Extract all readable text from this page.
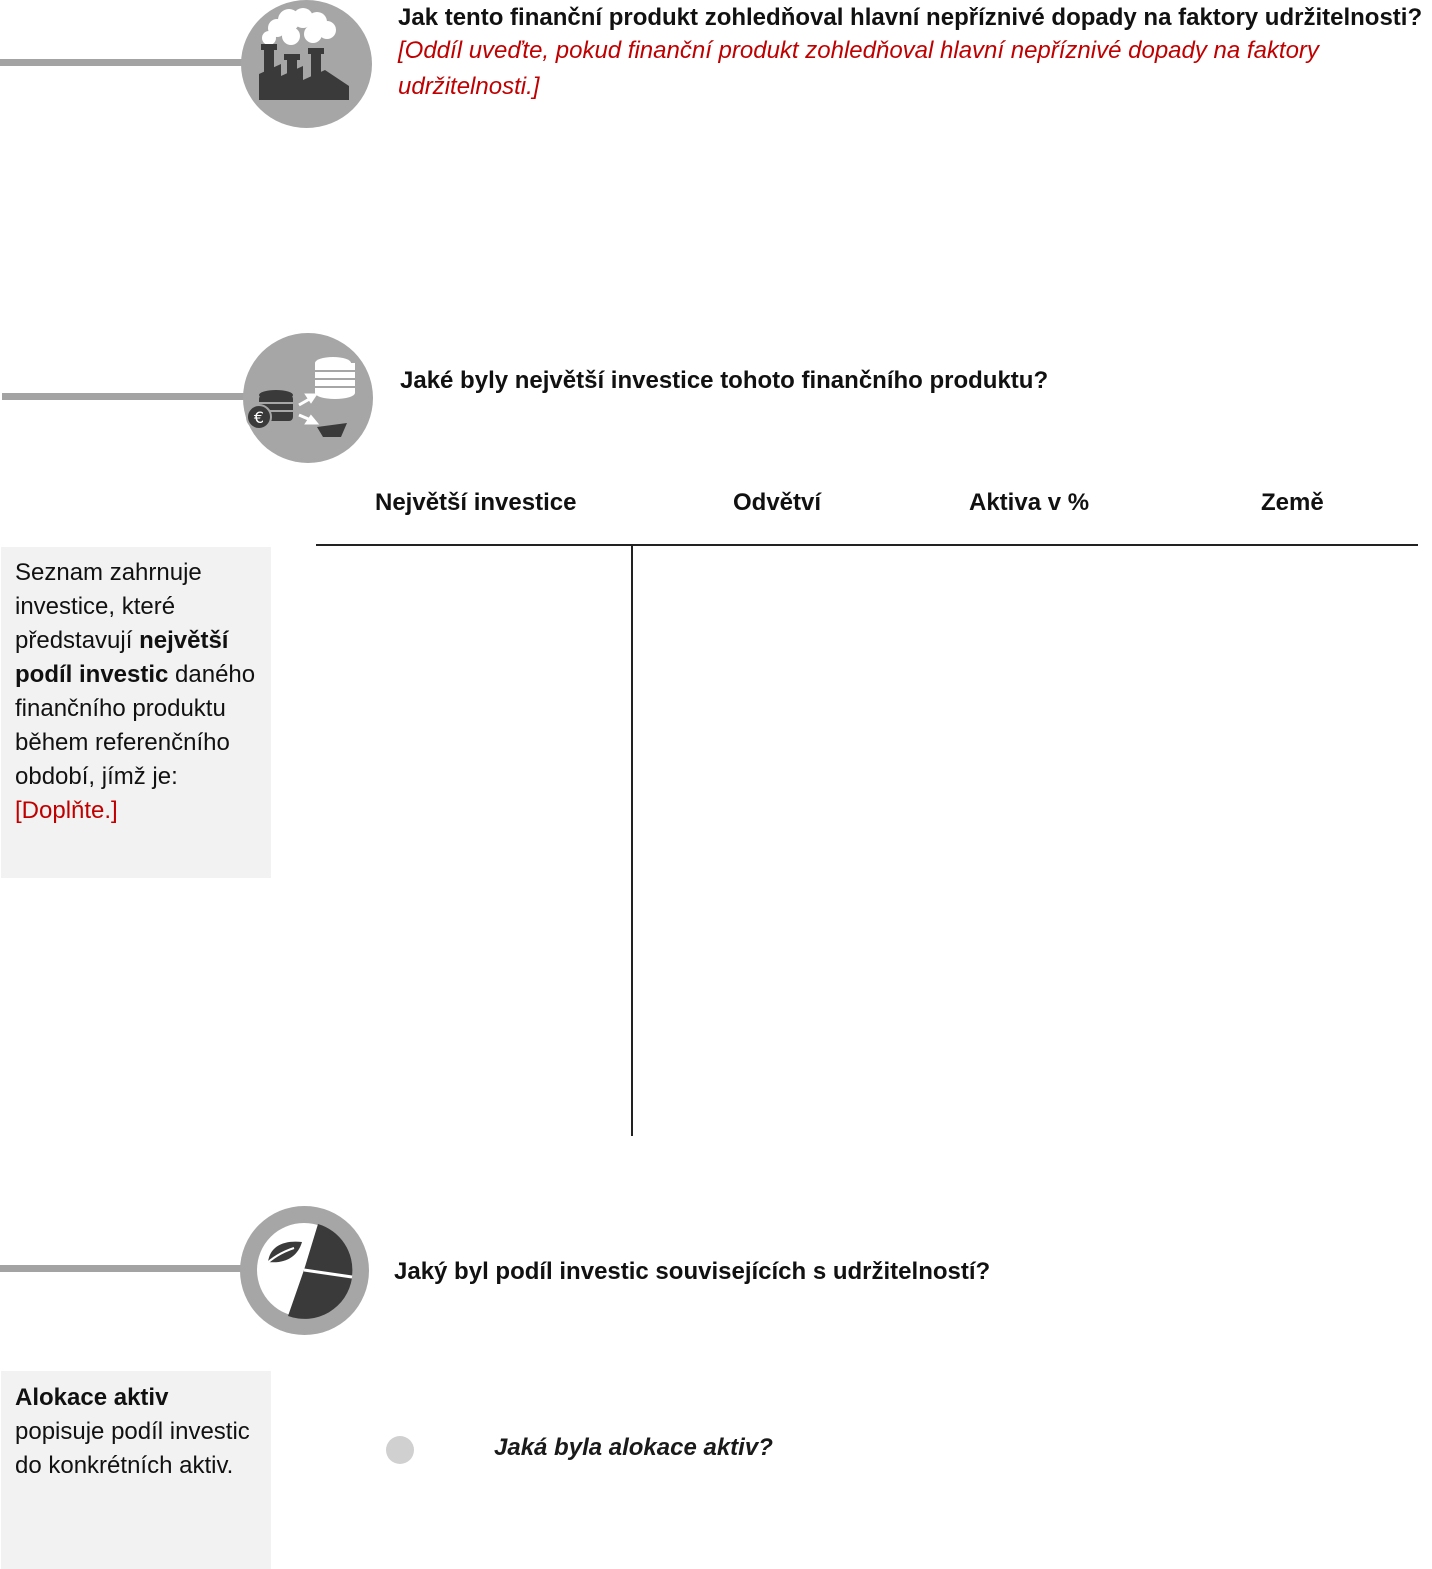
Jak tento finanční produkt zohledňoval hlavní nepříznivé dopady na faktory udržitelnosti?
[Oddíl uveďte, pokud finanční produkt zohledňoval hlavní nepříznivé dopady na faktory udržitelnosti.]
€
Jaké byly největší investice tohoto finančního produktu?
Největší investice	Odvětví	Aktiva v %	Země
Seznam zahrnuje investice, které představují největší podíl investic daného finančního produktu během referenčního období, jímž je: [Doplňte.]
Jaký byl podíl investic souvisejících s udržitelností?
Alokace aktiv popisuje podíl investic do konkrétních aktiv.
Jaká byla alokace aktiv?
